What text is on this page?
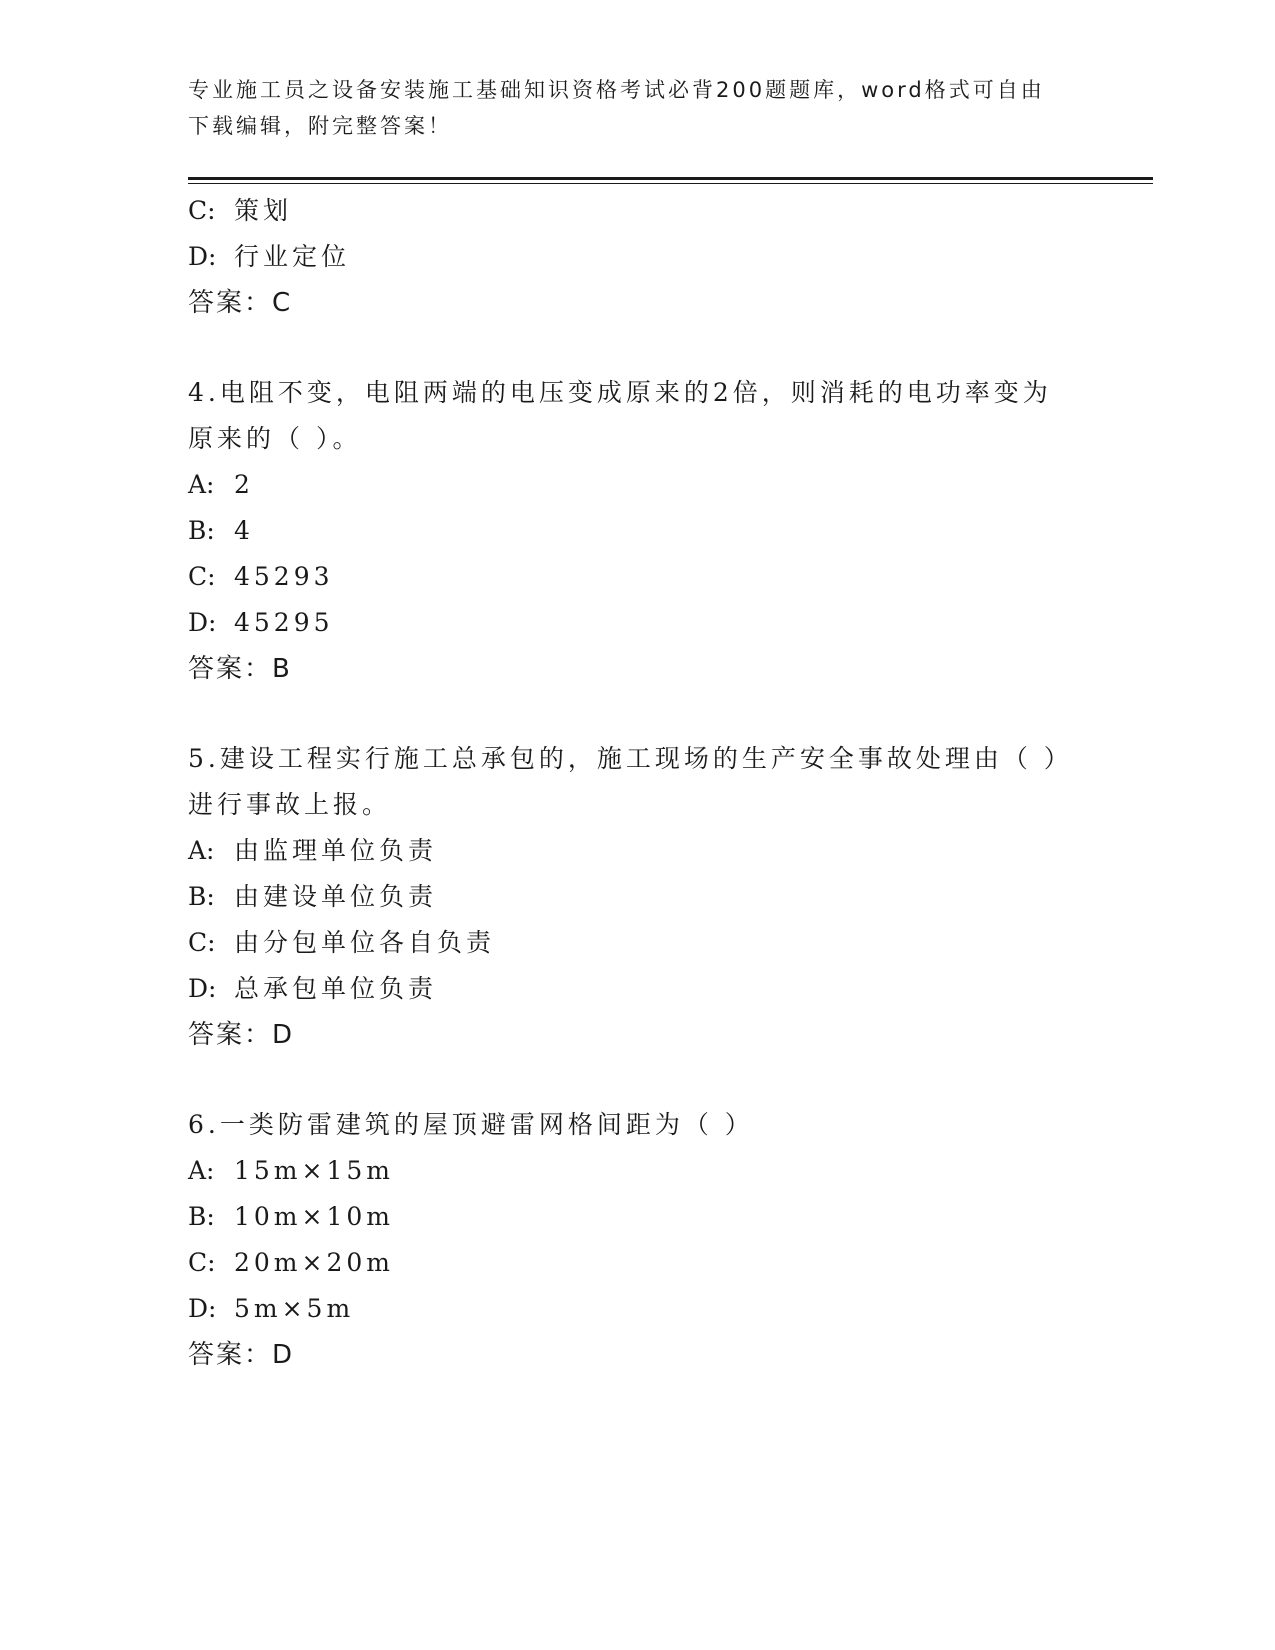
专业施工员之设备安装施工基础知识资格考试必背200题题库，word格式可自由
下载编辑，附完整答案！
C: 策划
D: 行业定位
答案：C
4.电阻不变，电阻两端的电压变成原来的2倍，则消耗的电功率变为
原来的（ ）。
A: 2
B: 4
C: 45293
D: 45295
答案：B
5.建设工程实行施工总承包的，施工现场的生产安全事故处理由（ ）
进行事故上报。
A: 由监理单位负责
B: 由建设单位负责
C: 由分包单位各自负责
D: 总承包单位负责
答案：D
6.一类防雷建筑的屋顶避雷网格间距为（ ）
A: 15m×15m
B: 10m×10m
C: 20m×20m
D: 5m×5m
答案：D
